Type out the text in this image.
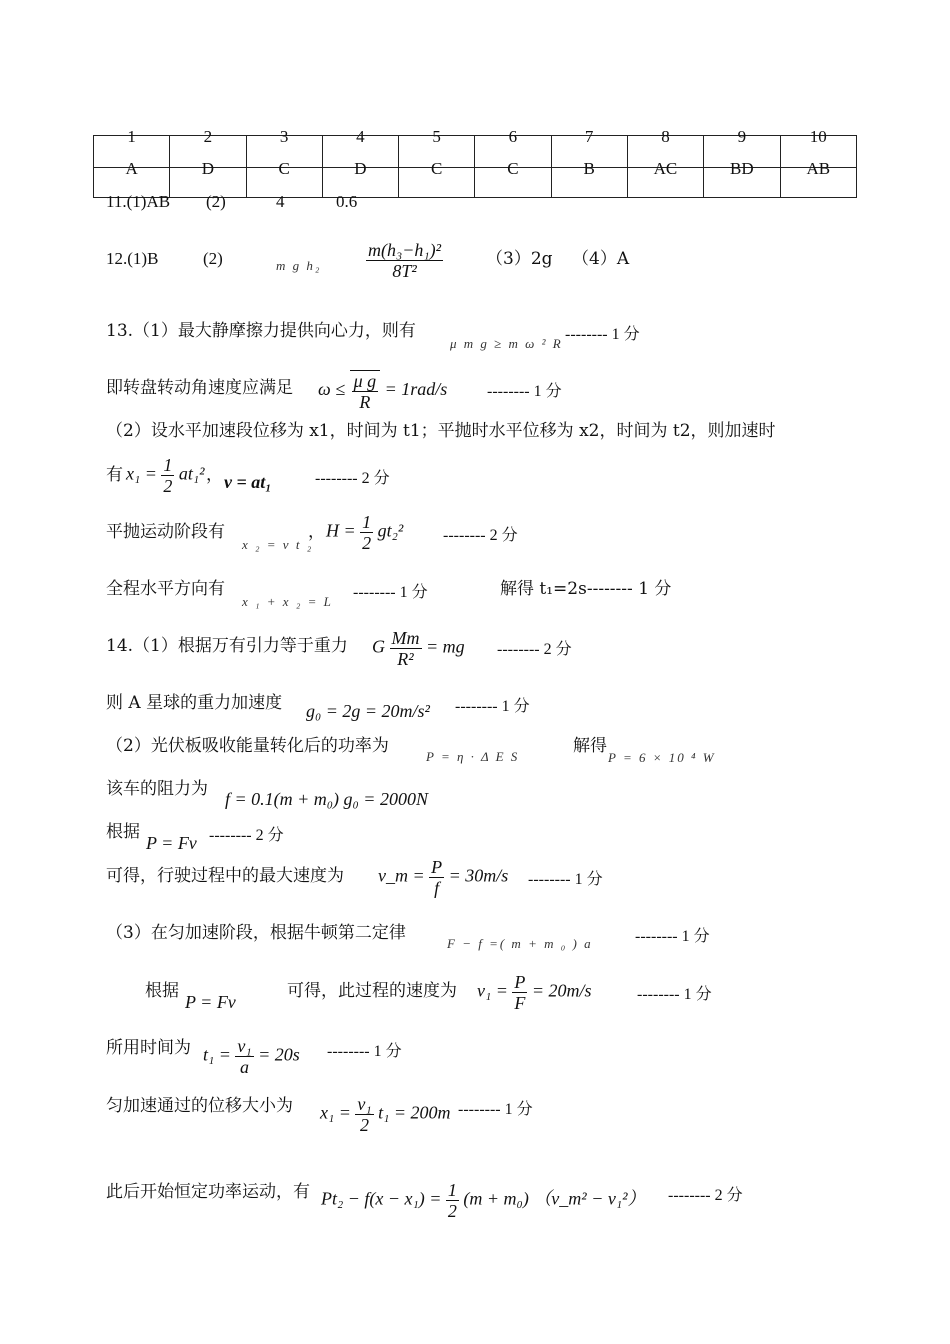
1	2	3	4	5	6	7	8	9	10
A	D	C	D	C	C	B	AC	BD	AB
11.(1)AB (2)	4	0.6
12.(1)B	(2)	m g $h_2 \frac{\text{m(h₃−h₁)²}}{\text{8T²}}$	（3）2g （4）A
13.（1）最大静摩擦力提供向心力，则有
μ m g ≥ m ω ² R
-------- 1 分
即转盘转动角速度应满足 $\omega \le \frac{\text{μ g}}{R} = 1rad/s$ -------- 1 分
（2）设水平加速段位移为 x1，时间为 t1；平抛时水平位移为 x2，时间为 t2，则加速时
有 $x_1 = \frac{1}{2} at_1^2$ ， v = at₁	-------- 2 分
平抛运动阶段有
x ₂ = v t ₂
， $H = \frac{1}{2} gt_2^2$ -------- 2 分
全程水平方向有
x ₁ + x ₂ = L
-------- 1 分	解得 t₁=2s-------- 1 分
14.（1）根据万有引力等于重力 G $\frac{Mm}{\text{R²}}$ = mg -------- 2 分
则 A 星球的重力加速度 g₀ = 2g = 20m/s² -------- 1 分
（2）光伏板吸收能量转化后的功率为
P = η · Δ E S
解得
P = 6 × 10 ⁴ W
该车的阻力为 f = 0.1(m + m₀) g₀ = 2000N
根据
P = Fv -------- 2 分
可得，行驶过程中的最大速度为 v_m = $\frac{P}{f} = 30m/s$ -------- 1 分
（3）在匀加速阶段，根据牛顿第二定律
F − f =( m + m ₀ ) a	-------- 1 分
根据
P = Fv
可得，此过程的速度为 $v_1 = \frac{P}{F} = 20m/s$	-------- 1 分
所用时间为 $t_1 = \frac{\text{v₁}}{a} = 20s$ -------- 1 分
匀加速通过的位移大小为 $x_1 = \frac{\text{v₁}}{2} t_1 = 200m$ -------- 1 分
此后开始恒定功率运动，有 $Pt_2 - f(x - x_1) = \frac{1}{2} (m + m_0)$ （v_m² − v₁²） -------- 2 分
